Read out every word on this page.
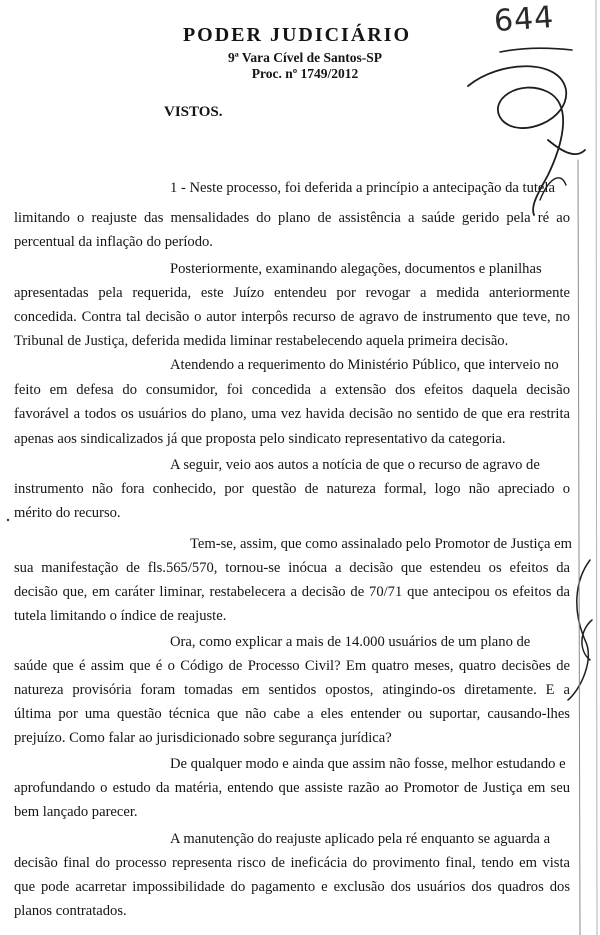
PODER JUDICIÁRIO
9ª Vara Cível de Santos-SP
Proc. nº 1749/2012
644
VISTOS.
1 - Neste processo, foi deferida a princípio a antecipação da tutela
limitando o reajuste das mensalidades do plano de assistência a saúde gerido pela ré ao
percentual da inflação do período.
Posteriormente, examinando alegações, documentos e planilhas
apresentadas pela requerida, este Juízo entendeu por revogar a medida anteriormente
concedida. Contra tal decisão o autor interpôs recurso de agravo de instrumento que teve, no
Tribunal de Justiça, deferida medida liminar restabelecendo aquela primeira decisão.
Atendendo a requerimento do Ministério Público, que interveio no
feito em defesa do consumidor, foi concedida a extensão dos efeitos daquela decisão
favorável a todos os usuários do plano, uma vez havida decisão no sentido de que era restrita
apenas aos sindicalizados já que proposta pelo sindicato representativo da categoria.
A seguir, veio aos autos a notícia de que o recurso de agravo de
instrumento não fora conhecido, por questão de natureza formal, logo não apreciado o
mérito do recurso.
Tem-se, assim, que como assinalado pelo Promotor de Justiça em
sua manifestação de fls.565/570, tornou-se inócua a decisão que estendeu os efeitos da
decisão que, em caráter liminar, restabelecera a decisão de 70/71 que antecipou os efeitos da
tutela limitando o índice de reajuste.
Ora, como explicar a mais de 14.000 usuários de um plano de
saúde que é assim que é o Código de Processo Civil? Em quatro meses, quatro decisões de
natureza provisória foram tomadas em sentidos opostos, atingindo-os diretamente. E a
última por uma questão técnica que não cabe a eles entender ou suportar, causando-lhes
prejuízo. Como falar ao jurisdicionado sobre segurança jurídica?
De qualquer modo e ainda que assim não fosse, melhor estudando e
aprofundando o estudo da matéria, entendo que assiste razão ao Promotor de Justiça em seu
bem lançado parecer.
A manutenção do reajuste aplicado pela ré enquanto se aguarda a
decisão final do processo representa risco de ineficácia do provimento final, tendo em vista
que pode acarretar impossibilidade do pagamento e exclusão dos usuários dos quadros dos
planos contratados.
